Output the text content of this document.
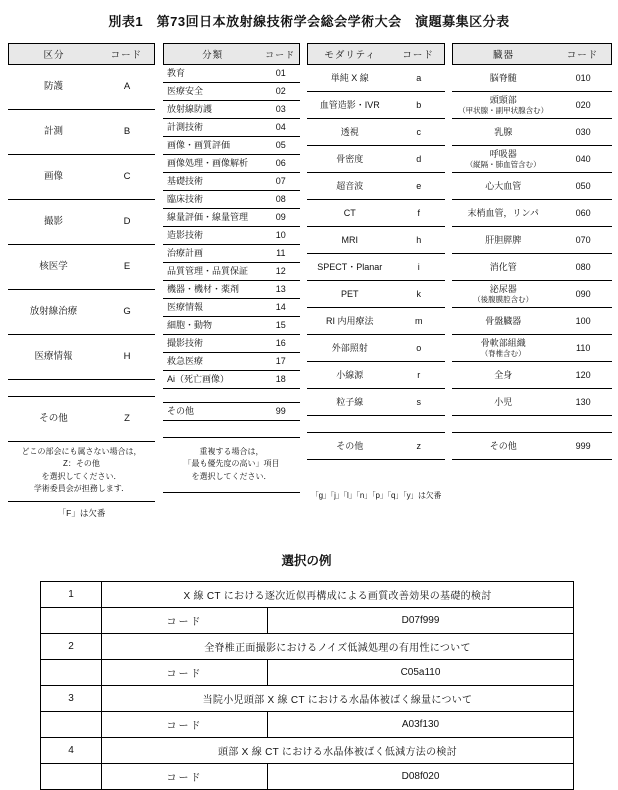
別表1　第73回日本放射線技術学会総会学術大会　演題募集区分表
区分	コード
防護	A
計測	B
画像	C
撮影	D
核医学	E
放射線治療	G
医療情報	H
その他	Z
どこの部会にも属さない場合は，
Z：その他
を選択してください．
学術委員会が担務します．
「F」は欠番
分類	コード
教育	01
医療安全	02
放射線防護	03
計測技術	04
画像・画質評価	05
画像処理・画像解析	06
基礎技術	07
臨床技術	08
線量評価・線量管理	09
造影技術	10
治療計画	11
品質管理・品質保証	12
機器・機材・薬剤	13
医療情報	14
細胞・動物	15
撮影技術	16
救急医療	17
Ai（死亡画像）	18
その他	99
重複する場合は，
「最も優先度の高い」項目
を選択してください．
モダリティ	コード
単純 X 線	a
血管造影・IVR	b
透視	c
骨密度	d
超音波	e
CT	f
MRI	h
SPECT・Planar	i
PET	k
RI 内用療法	m
外部照射	o
小線源	r
粒子線	s
その他	z
「g」「j」「l」「n」「p」「q」「y」は欠番
臓器	コード
脳脊髄	010
頭頸部
（甲状腺・副甲状腺含む）
020
乳腺	030
呼吸器
（縦隔・肺血管含む）
040
心大血管	050
末梢血管，リンパ	060
肝胆膵脾	070
消化管	080
泌尿器
（後腹膜腔含む）
090
骨盤臓器	100
骨軟部組織
（脊椎含む）
110
全身	120
小児	130
その他	999
選択の例
1	X 線 CT における逐次近似再構成による画質改善効果の基礎的検討
コード	D07f999
2	全脊椎正面撮影におけるノイズ低減処理の有用性について
コード	C05a110
3	当院小児頭部 X 線 CT における水晶体被ばく線量について
コード	A03f130
4	頭部 X 線 CT における水晶体被ばく低減方法の検討
コード	D08f020
